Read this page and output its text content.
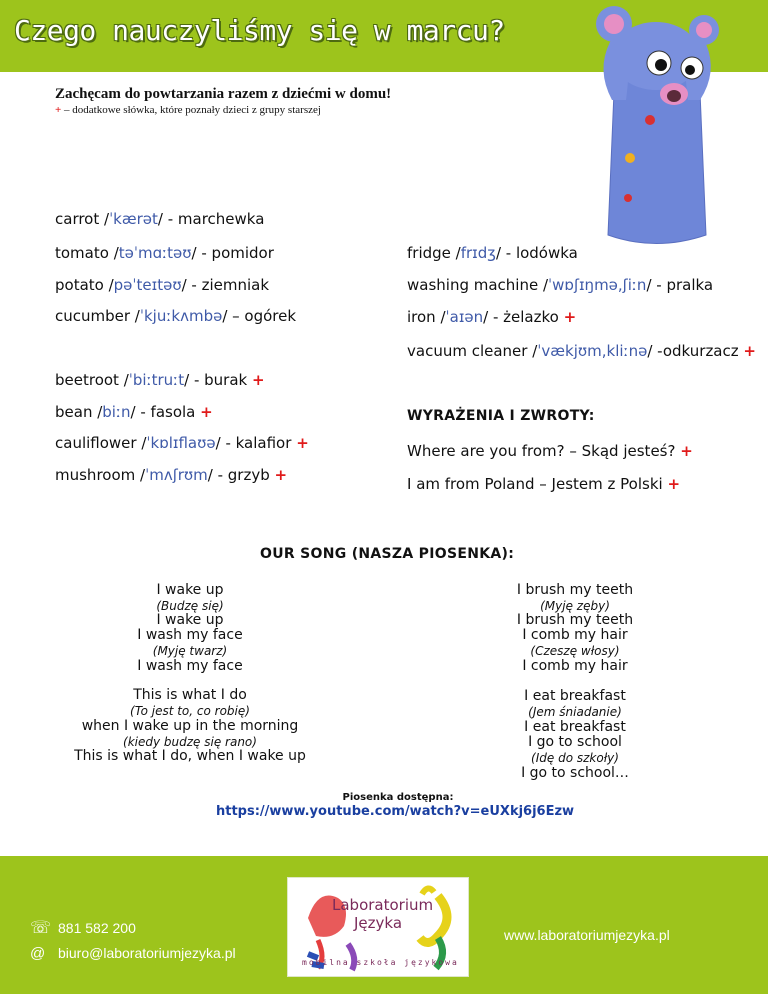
Czego nauczyliśmy się w marcu?
Zachęcam do powtarzania razem z dziećmi w domu!
+ – dodatkowe słówka, które poznały dzieci z grupy starszej
carrot /ˈkærət/ - marchewka
tomato /təˈmɑːtəʊ/ - pomidor
potato /pəˈteɪtəʊ/ - ziemniak
cucumber /ˈkjuːkʌmbə/ – ogórek
beetroot /ˈbiːtruːt/ - burak +
bean /biːn/ - fasola +
cauliflower /ˈkɒlɪflaʊə/ - kalafior +
mushroom /ˈmʌʃrʊm/ - grzyb +
fridge /frɪdʒ/ - lodówka
washing machine /ˈwɒʃɪŋmə,ʃiːn/ - pralka
iron /ˈaɪən/ - żelazko +
vacuum cleaner /ˈvækjʊm,kliːnə/ -odkurzacz +
WYRAŻENIA I ZWROTY:
Where are you from? – Skąd jesteś? +
I am from Poland – Jestem z Polski +
OUR SONG (NASZA PIOSENKA):
I wake up
(Budzę się)
I wake up
I wash my face
(Myję twarz)
I wash my face
This is what I do
(To jest to, co robię)
when I wake up in the morning
(kiedy budzę się rano)
This is what I do, when I wake up
I brush my teeth
(Myję zęby)
I brush my teeth
I comb my hair
(Czeszę włosy)
I comb my hair
I eat breakfast
(Jem śniadanie)
I eat breakfast
I go to school
(Idę do szkoły)
I go to school…
Piosenka dostępna:
https://www.youtube.com/watch?v=eUXkj6j6Ezw
☏ 881 582 200
@ biuro@laboratoriumjezyka.pl
Laboratorium
Języka
mobilna szkoła językowa
www.laboratoriumjezyka.pl
